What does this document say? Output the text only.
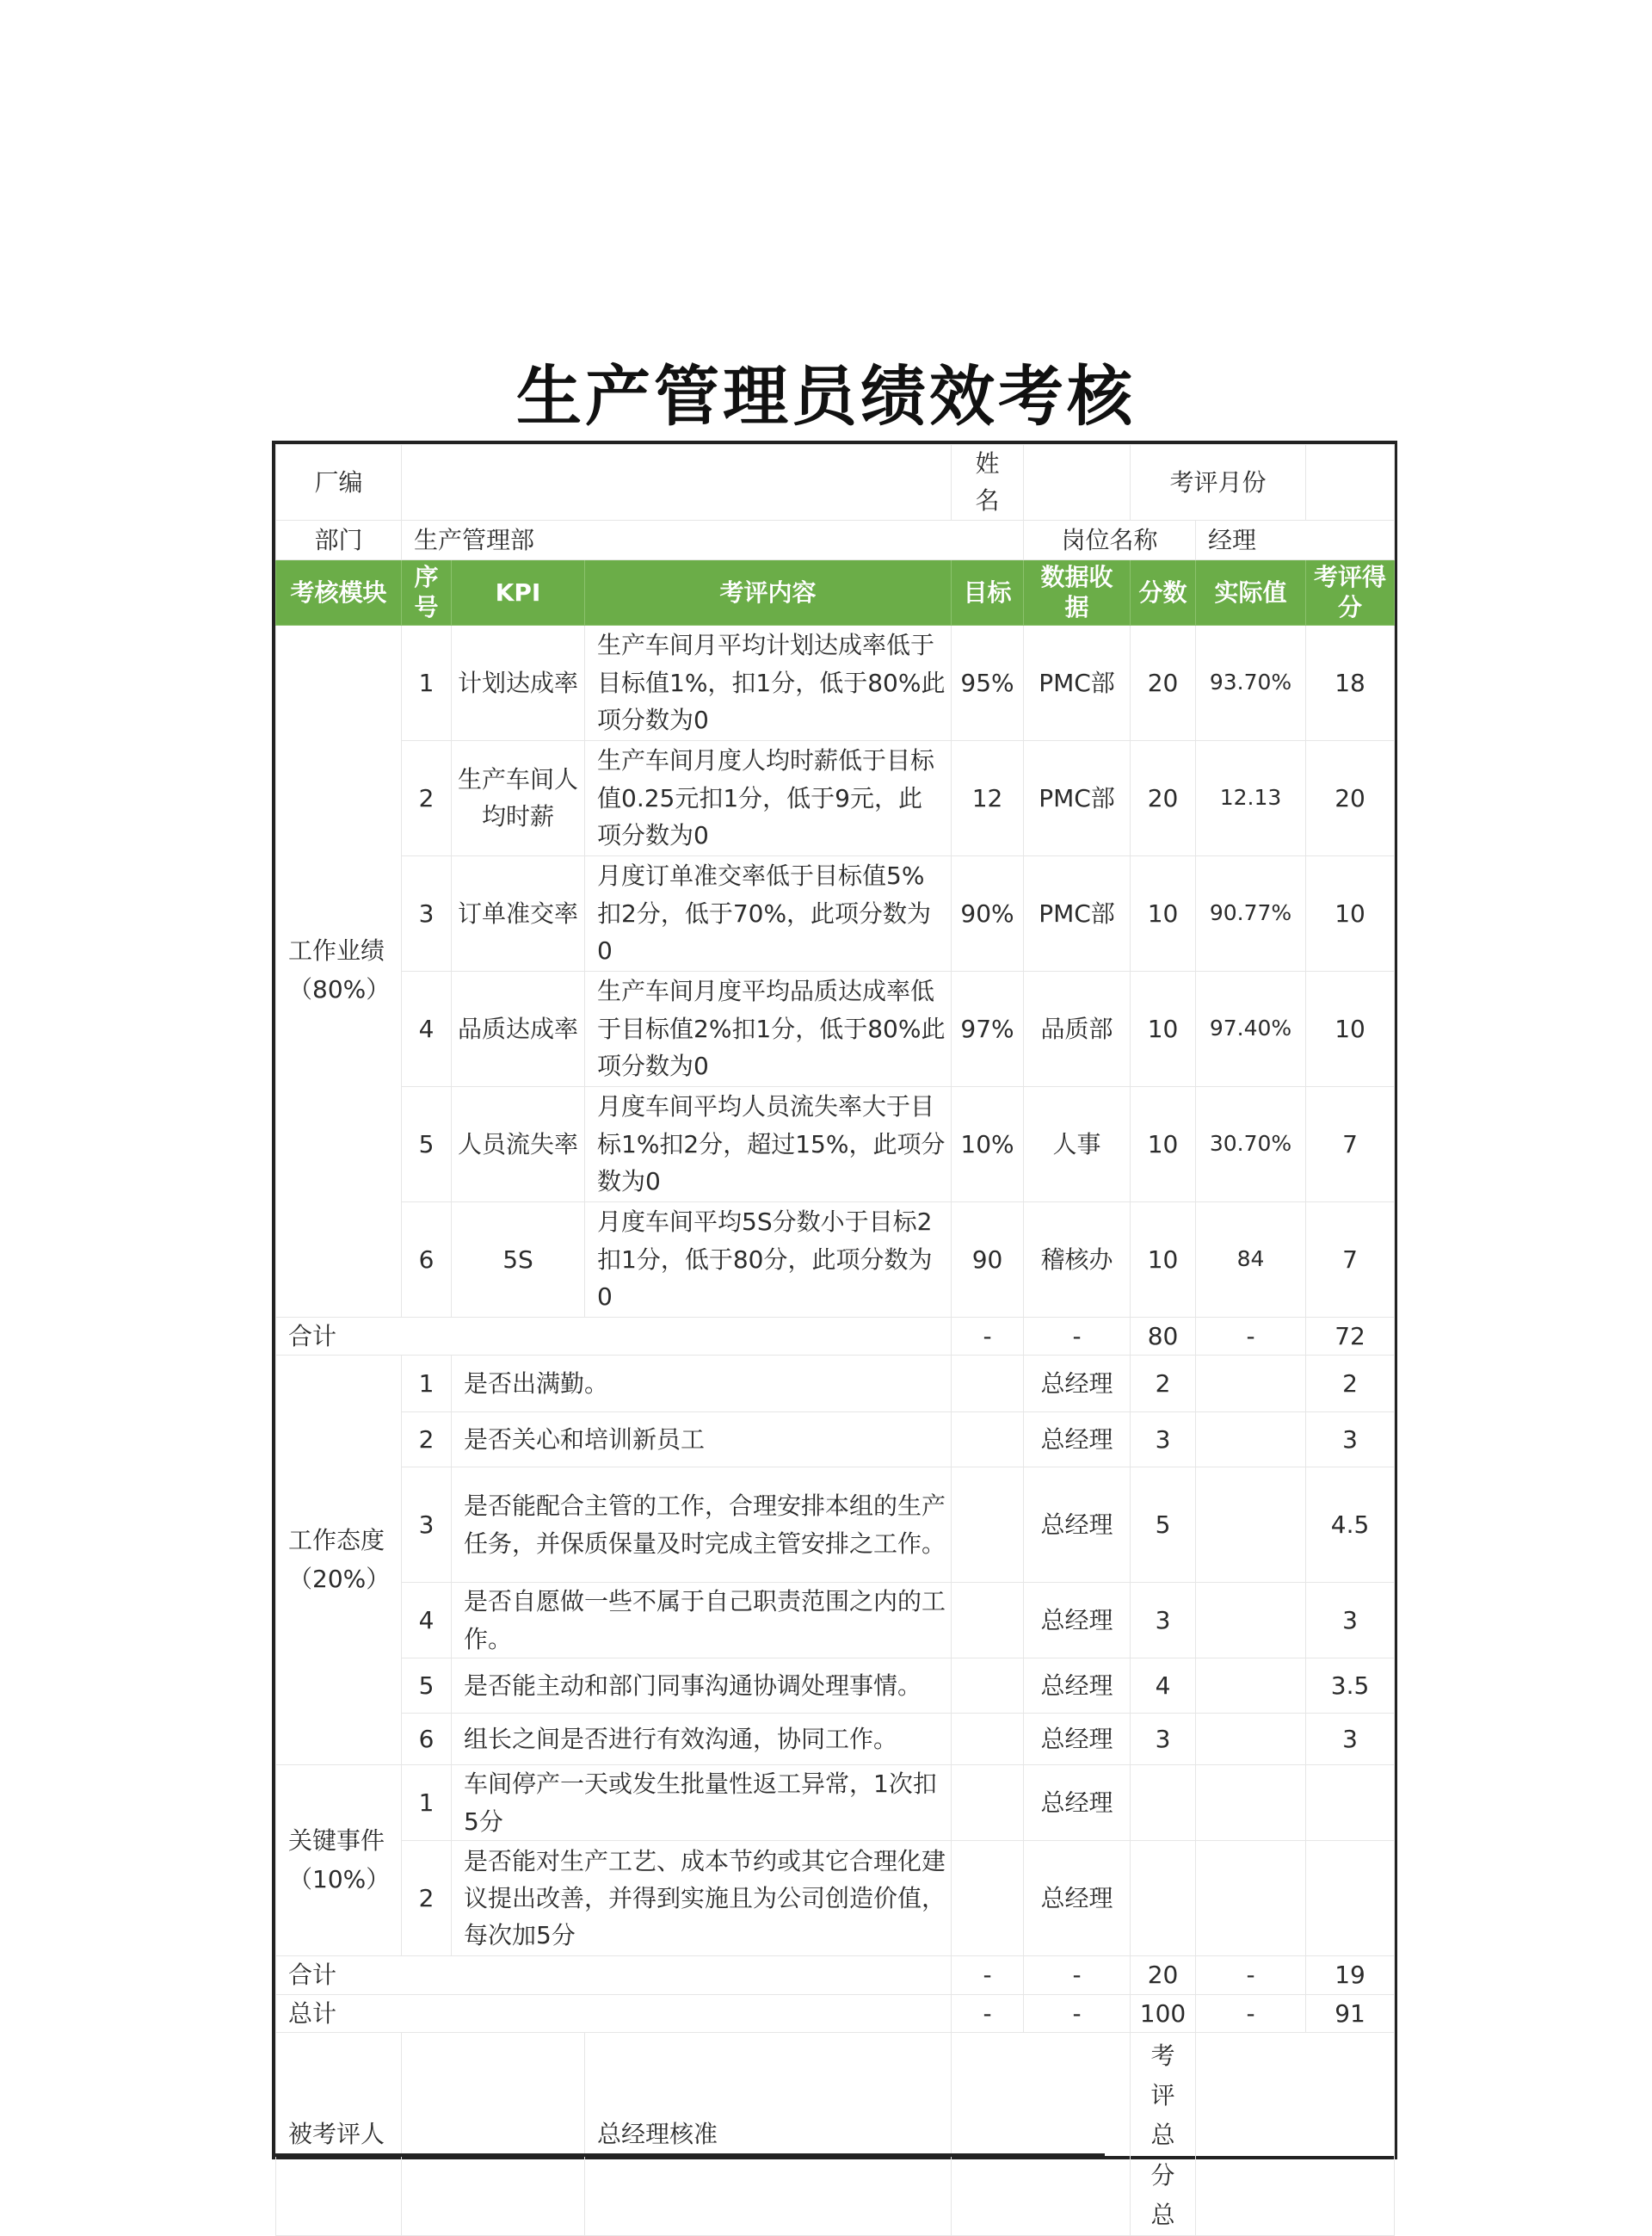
生产管理员绩效考核
厂编				姓　名		考评月份		
部门	生产管理部				岗位名称		经理	
考核模块	序号	KPI	考评内容	目标	数据收据	分数	实际值	考评得分
工作业绩（80%）	1	计划达成率	生产车间月平均计划达成率低于目标值1%，扣1分，低于80%此项分数为0	95%	PMC部	20	93.70%	18
	2	生产车间人均时薪	生产车间月度人均时薪低于目标值0.25元扣1分，低于9元，此项分数为0	12	PMC部	20	12.13	20
	3	订单准交率	月度订单准交率低于目标值5%扣2分，低于70%，此项分数为0	90%	PMC部	10	90.77%	10
	4	品质达成率	生产车间月度平均品质达成率低于目标值2%扣1分，低于80%此项分数为0	97%	品质部	10	97.40%	10
	5	人员流失率	月度车间平均人员流失率大于目标1%扣2分，超过15%，此项分数为0	10%	人事	10	30.70%	7
	6	5S	月度车间平均5S分数小于目标2扣1分，低于80分，此项分数为0	90	稽核办	10	84	7
合计				-	-	80	-	72
工作态度（20%）	1	是否出满勤。			总经理	2		2
	2	是否关心和培训新员工			总经理	3		3
	3	是否能配合主管的工作，合理安排本组的生产任务，并保质保量及时完成主管安排之工作。			总经理	5		4.5
	4	是否自愿做一些不属于自己职责范围之内的工作。			总经理	3		3
	5	是否能主动和部门同事沟通协调处理事情。			总经理	4		3.5
	6	组长之间是否进行有效沟通，协同工作。			总经理	3		3
关键事件（10%）	1	车间停产一天或发生批量性返工异常，1次扣5分			总经理			
	2	是否能对生产工艺、成本节约或其它合理化建议提出改善，并得到实施且为公司创造价值，每次加5分			总经理			
合计				-	-	20	-	19
总计				-	-	100	-	91
被考评人			总经理核准			考评总分总		
